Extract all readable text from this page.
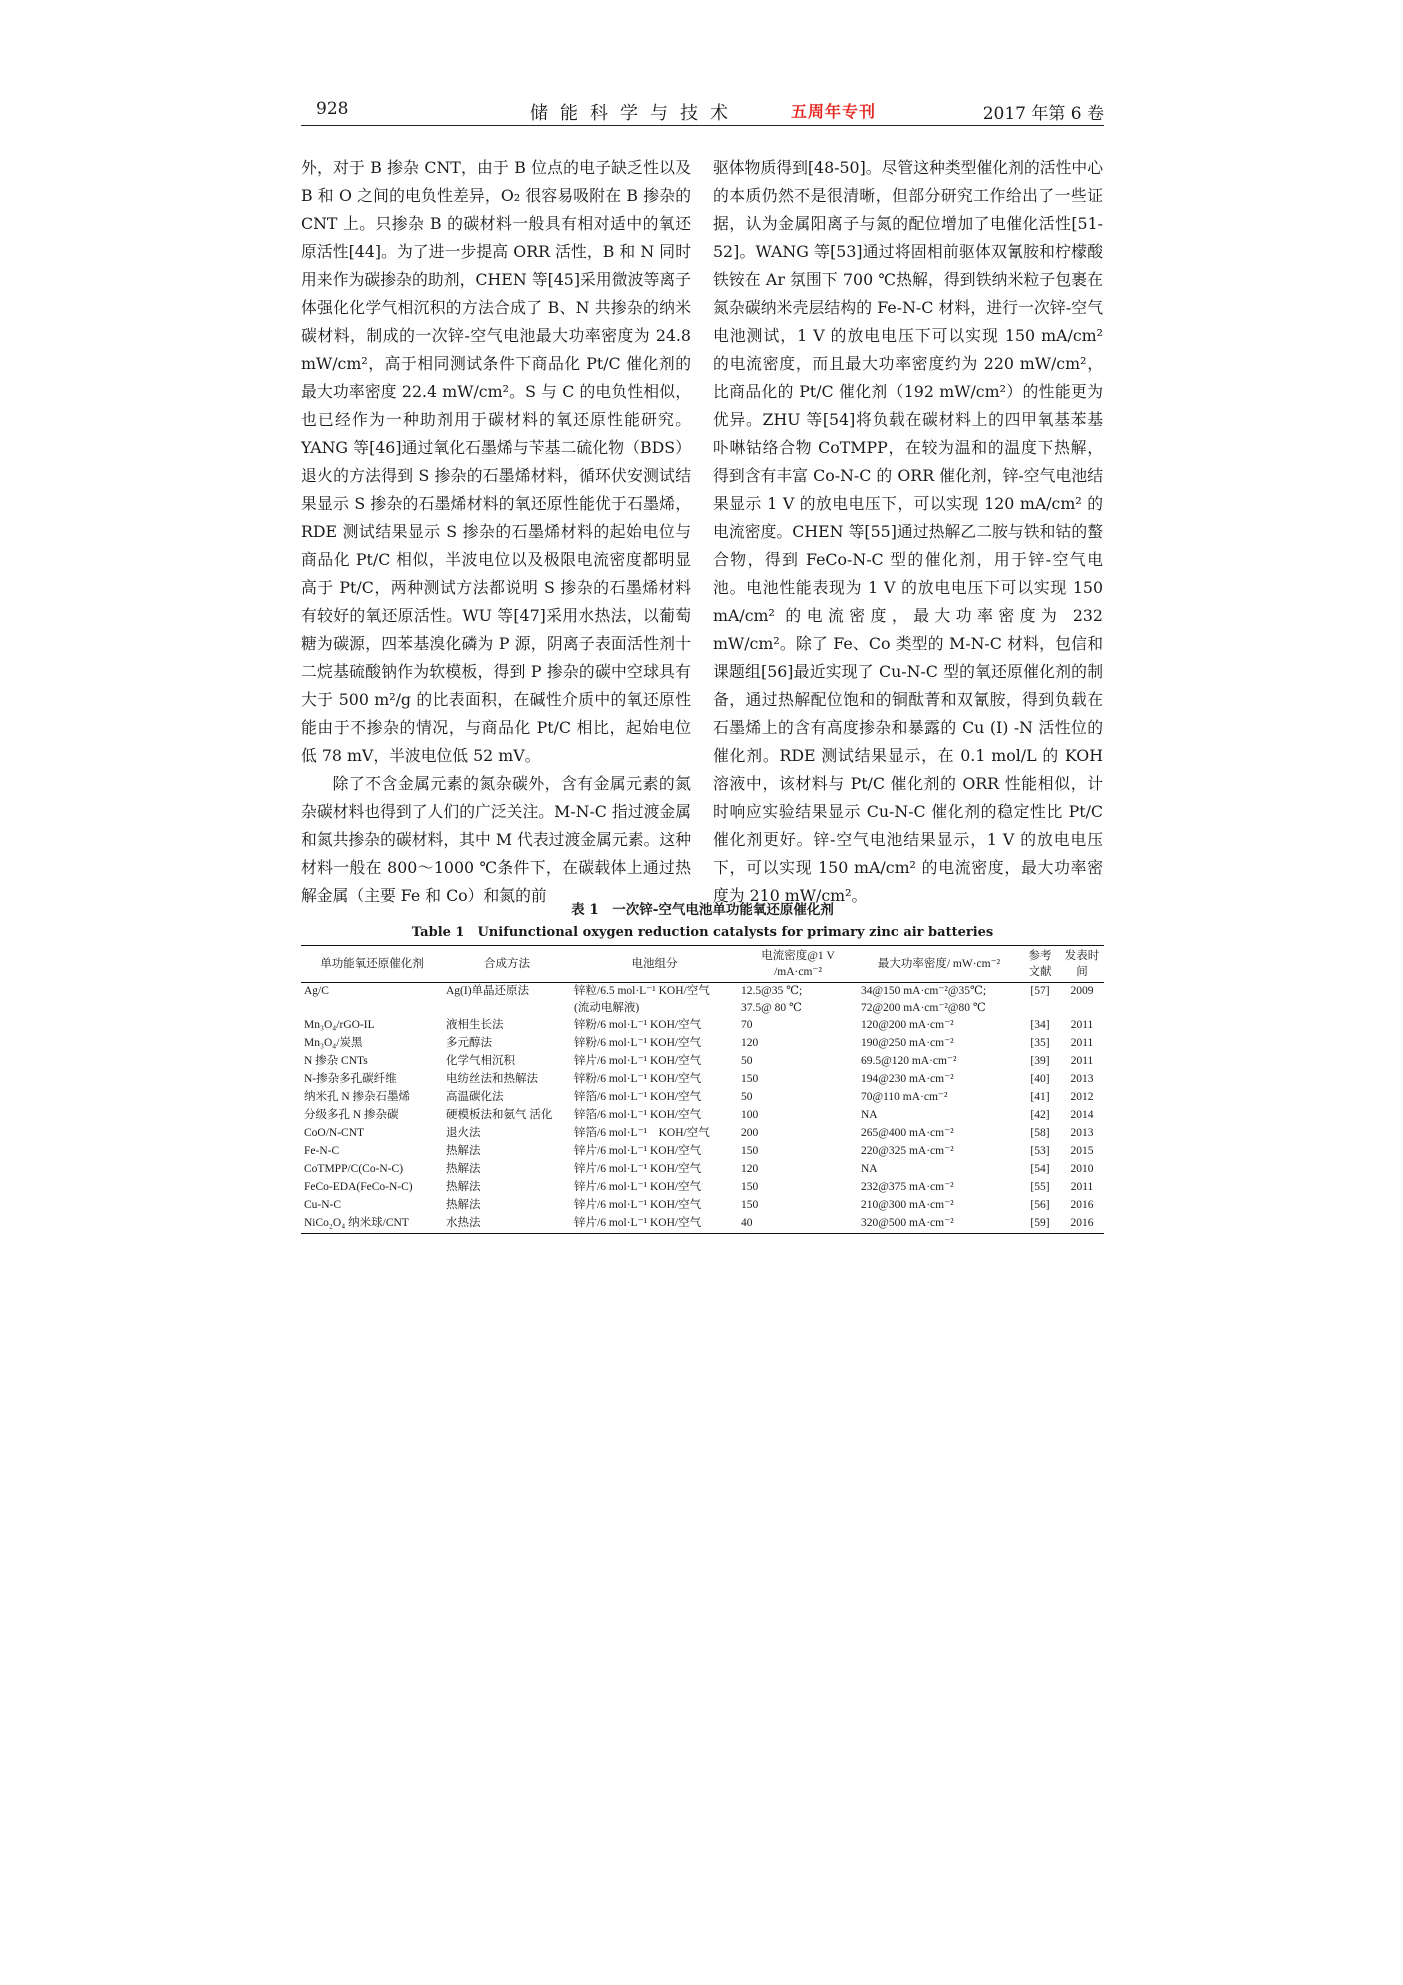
928	储能科学与技术	五周年专刊	2017 年第 6 卷

外，对于 B 掺杂 CNT，由于 B 位点的电子缺乏性以及 B 和 O 之间的电负性差异，O₂ 很容易吸附在 B 掺杂的 CNT 上。只掺杂 B 的碳材料一般具有相对适中的氧还原活性[44]。为了进一步提高 ORR 活性，B 和 N 同时用来作为碳掺杂的助剂，CHEN 等[45]采用微波等离子体强化化学气相沉积的方法合成了 B、N 共掺杂的纳米碳材料，制成的一次锌-空气电池最大功率密度为 24.8 mW/cm²，高于相同测试条件下商品化 Pt/C 催化剂的最大功率密度 22.4 mW/cm²。S 与 C 的电负性相似，也已经作为一种助剂用于碳材料的氧还原性能研究。YANG 等[46]通过氧化石墨烯与苄基二硫化物（BDS）退火的方法得到 S 掺杂的石墨烯材料，循环伏安测试结果显示 S 掺杂的石墨烯材料的氧还原性能优于石墨烯，RDE 测试结果显示 S 掺杂的石墨烯材料的起始电位与商品化 Pt/C 相似，半波电位以及极限电流密度都明显高于 Pt/C，两种测试方法都说明 S 掺杂的石墨烯材料有较好的氧还原活性。WU 等[47]采用水热法，以葡萄糖为碳源，四苯基溴化磷为 P 源，阴离子表面活性剂十二烷基硫酸钠作为软模板，得到 P 掺杂的碳中空球具有大于 500 m²/g 的比表面积，在碱性介质中的氧还原性能由于不掺杂的情况，与商品化 Pt/C 相比，起始电位低 78 mV，半波电位低 52 mV。

除了不含金属元素的氮杂碳外，含有金属元素的氮杂碳材料也得到了人们的广泛关注。M-N-C 指过渡金属和氮共掺杂的碳材料，其中 M 代表过渡金属元素。这种材料一般在 800～1000 ℃条件下，在碳载体上通过热解金属（主要 Fe 和 Co）和氮的前

驱体物质得到[48-50]。尽管这种类型催化剂的活性中心的本质仍然不是很清晰，但部分研究工作给出了一些证据，认为金属阳离子与氮的配位增加了电催化活性[51-52]。WANG 等[53]通过将固相前驱体双氰胺和柠檬酸铁铵在 Ar 氛围下 700 ℃热解，得到铁纳米粒子包裹在氮杂碳纳米壳层结构的 Fe-N-C 材料，进行一次锌-空气电池测试，1 V 的放电电压下可以实现 150 mA/cm² 的电流密度，而且最大功率密度约为 220 mW/cm²，比商品化的 Pt/C 催化剂（192 mW/cm²）的性能更为优异。ZHU 等[54]将负载在碳材料上的四甲氧基苯基卟啉钴络合物 CoTMPP，在较为温和的温度下热解，得到含有丰富 Co-N-C 的 ORR 催化剂，锌-空气电池结果显示 1 V 的放电电压下，可以实现 120 mA/cm² 的电流密度。CHEN 等[55]通过热解乙二胺与铁和钴的螯合物，得到 FeCo-N-C 型的催化剂，用于锌-空气电池。电池性能表现为 1 V 的放电电压下可以实现 150 mA/cm² 的电流密度，最大功率密度为 232 mW/cm²。除了 Fe、Co 类型的 M-N-C 材料，包信和课题组[56]最近实现了 Cu-N-C 型的氧还原催化剂的制备，通过热解配位饱和的铜酞菁和双氰胺，得到负载在石墨烯上的含有高度掺杂和暴露的 Cu (I) -N 活性位的催化剂。RDE 测试结果显示，在 0.1 mol/L 的 KOH 溶液中，该材料与 Pt/C 催化剂的 ORR 性能相似，计时响应实验结果显示 Cu-N-C 催化剂的稳定性比 Pt/C 催化剂更好。锌-空气电池结果显示，1 V 的放电电压下，可以实现 150 mA/cm² 的电流密度，最大功率密度为 210 mW/cm²。

表 1　一次锌-空气电池单功能氧还原催化剂
Table 1　Unifunctional oxygen reduction catalysts for primary zinc air batteries
单功能氧还原催化剂	合成方法	电池组分	电流密度@1 V /mA·cm⁻²	最大功率密度/ mW·cm⁻²	参考文献	发表时间
Ag/C	Ag(I)单晶还原法	锌粒/6.5 mol·L⁻¹ KOH/空气
(流动电解液)	12.5@35 ℃;
37.5@ 80 ℃	34@150 mA·cm⁻²@35℃;
72@200 mA·cm⁻²@80 ℃	[57]	2009
Mn₃O₄/rGO-IL	液相生长法	锌粉/6 mol·L⁻¹ KOH/空气	70	120@200 mA·cm⁻²	[34]	2011
Mn₃O₄/炭黑	多元醇法	锌粉/6 mol·L⁻¹ KOH/空气	120	190@250 mA·cm⁻²	[35]	2011
N 掺杂 CNTs	化学气相沉积	锌片/6 mol·L⁻¹ KOH/空气	50	69.5@120 mA·cm⁻²	[39]	2011
N-掺杂多孔碳纤维	电纺丝法和热解法	锌粉/6 mol·L⁻¹ KOH/空气	150	194@230 mA·cm⁻²	[40]	2013
纳米孔 N 掺杂石墨烯	高温碳化法	锌箔/6 mol·L⁻¹ KOH/空气	50	70@110 mA·cm⁻²	[41]	2012
分级多孔 N 掺杂碳	硬模板法和氨气 活化	锌箔/6 mol·L⁻¹ KOH/空气	100	NA	[42]	2014
CoO/N-CNT	退火法	锌箔/6 mol·L⁻¹　KOH/空气	200	265@400 mA·cm⁻²	[58]	2013
Fe-N-C	热解法	锌片/6 mol·L⁻¹ KOH/空气	150	220@325 mA·cm⁻²	[53]	2015
CoTMPP/C(Co-N-C)	热解法	锌片/6 mol·L⁻¹ KOH/空气	120	NA	[54]	2010
FeCo-EDA(FeCo-N-C)	热解法	锌片/6 mol·L⁻¹ KOH/空气	150	232@375 mA·cm⁻²	[55]	2011
Cu-N-C	热解法	锌片/6 mol·L⁻¹ KOH/空气	150	210@300 mA·cm⁻²	[56]	2016
NiCo₂O₄ 纳米球/CNT	水热法	锌片/6 mol·L⁻¹ KOH/空气	40	320@500 mA·cm⁻²	[59]	2016
